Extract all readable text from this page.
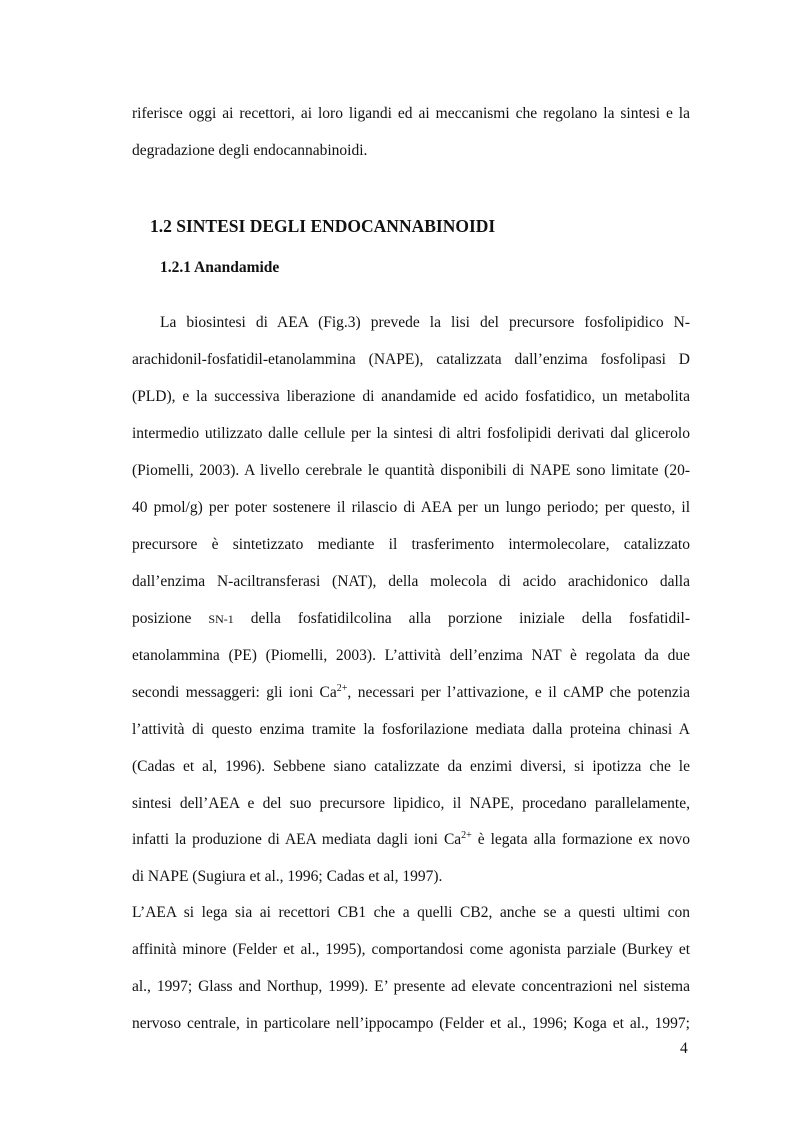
riferisce oggi ai recettori, ai loro ligandi ed ai meccanismi che regolano la sintesi e la
degradazione degli endocannabinoidi.
1.2 SINTESI DEGLI ENDOCANNABINOIDI
1.2.1 Anandamide
La biosintesi di AEA (Fig.3) prevede la lisi del precursore fosfolipidico N-
arachidonil-fosfatidil-etanolammina (NAPE), catalizzata dall’enzima fosfolipasi D
(PLD), e la successiva liberazione di anandamide ed acido fosfatidico, un metabolita
intermedio utilizzato dalle cellule per la sintesi di altri fosfolipidi derivati dal glicerolo
(Piomelli, 2003). A livello cerebrale le quantità disponibili di NAPE sono limitate (20-
40 pmol/g) per poter sostenere il rilascio di AEA per un lungo periodo; per questo, il
precursore è sintetizzato mediante il trasferimento intermolecolare, catalizzato
dall’enzima N-aciltransferasi (NAT), della molecola di acido arachidonico dalla
posizione SN-1 della fosfatidilcolina alla porzione iniziale della fosfatidil-
etanolammina (PE) (Piomelli, 2003). L’attività dell’enzima NAT è regolata da due
secondi messaggeri: gli ioni $Ca^{2+}$, necessari per l’attivazione, e il cAMP che potenzia
l’attività di questo enzima tramite la fosforilazione mediata dalla proteina chinasi A
(Cadas et al, 1996). Sebbene siano catalizzate da enzimi diversi, si ipotizza che le
sintesi dell’AEA e del suo precursore lipidico, il NAPE, procedano parallelamente,
infatti la produzione di AEA mediata dagli ioni $Ca^{2+}$ è legata alla formazione ex novo
di NAPE (Sugiura et al., 1996; Cadas et al, 1997).
L’AEA si lega sia ai recettori CB1 che a quelli CB2, anche se a questi ultimi con
affinità minore (Felder et al., 1995), comportandosi come agonista parziale (Burkey et
al., 1997; Glass and Northup, 1999). E’ presente ad elevate concentrazioni nel sistema
nervoso centrale, in particolare nell’ippocampo (Felder et al., 1996; Koga et al., 1997;
4
